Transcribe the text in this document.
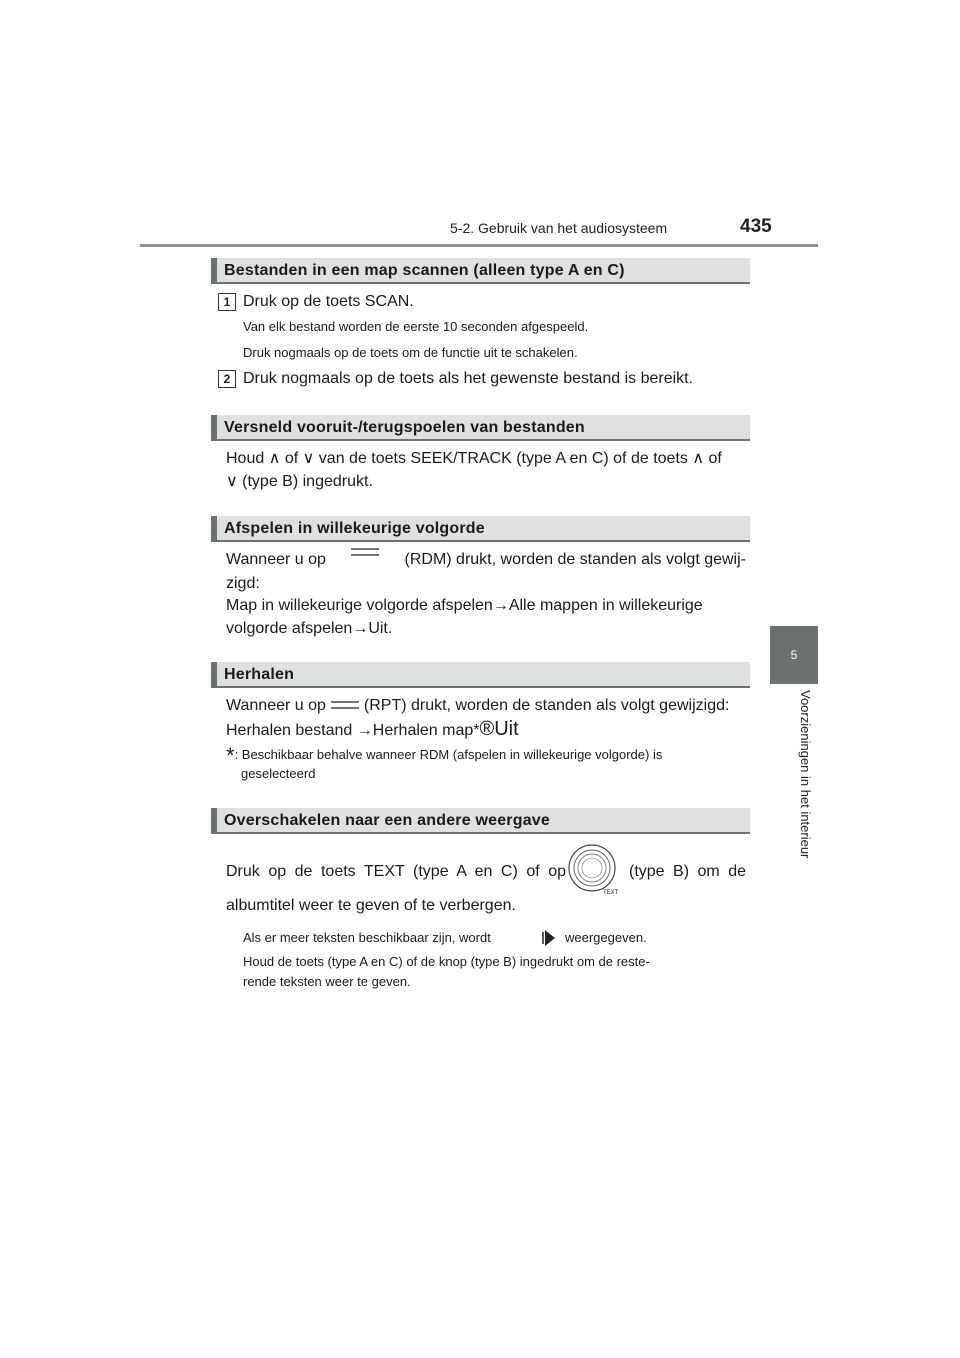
5-2. Gebruik van het audiosysteem	435
5
Voorzieningen in het interieur
Bestanden in een map scannen (alleen type A en C)
1 Druk op de toets SCAN.
Van elk bestand worden de eerste 10 seconden afgespeeld.
Druk nogmaals op de toets om de functie uit te schakelen.
2 Druk nogmaals op de toets als het gewenste bestand is bereikt.
Versneld vooruit-/terugspoelen van bestanden
Houd ∧ of ∨ van de toets SEEK/TRACK (type A en C) of de toets ∧ of
∨ (type B) ingedrukt.
Afspelen in willekeurige volgorde
Wanneer u op	(RDM) drukt, worden de standen als volgt gewij-
zigd:
Map in willekeurige volgorde afspelen→Alle mappen in willekeurige
volgorde afspelen→Uit.
Herhalen
Wanneer u op (RPT) drukt, worden de standen als volgt gewijzigd:
Herhalen bestand →Herhalen map*®Uit
*: Beschikbaar behalve wanneer RDM (afspelen in willekeurige volgorde) is
geselecteerd
Overschakelen naar een andere weergave
Druk op de toets TEXT (type A en C) of op
TEXT
(type B) om de
albumtitel weer te geven of te verbergen.
Als er meer teksten beschikbaar zijn, wordt	weergegeven.
Houd de toets (type A en C) of de knop (type B) ingedrukt om de reste-
rende teksten weer te geven.
